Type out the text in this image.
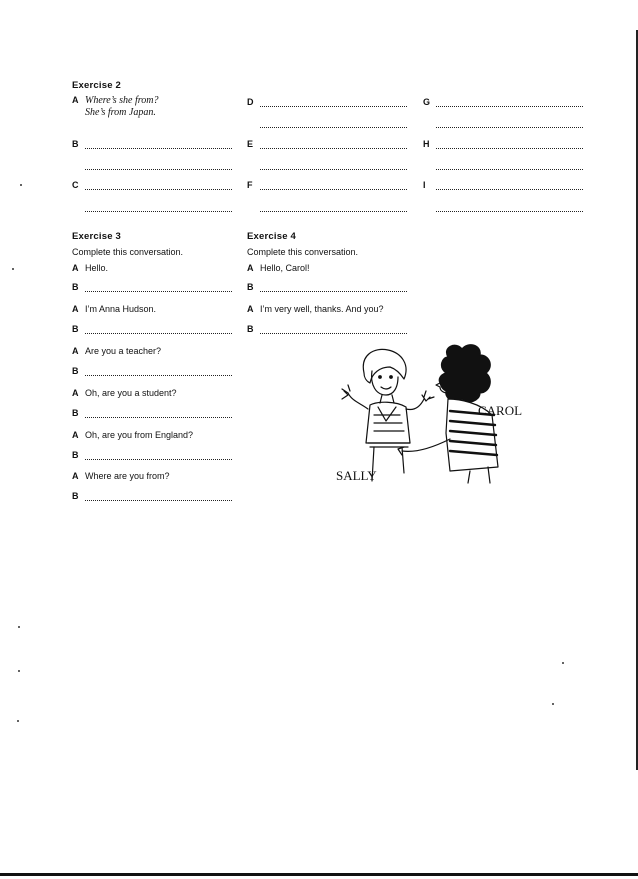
Exercise 2
A Where’s she from?
She’s from Japan.
B
C
D
E
F
G
H
I
Exercise 3
Complete this conversation.
A Hello.
B
A I’m Anna Hudson.
B
A Are you a teacher?
B
A Oh, are you a student?
B
A Oh, are you from England?
B
A Where are you from?
B
Exercise 4
Complete this conversation.
A Hello, Carol!
B
A I’m very well, thanks. And you?
B
CAROL
SALLY
